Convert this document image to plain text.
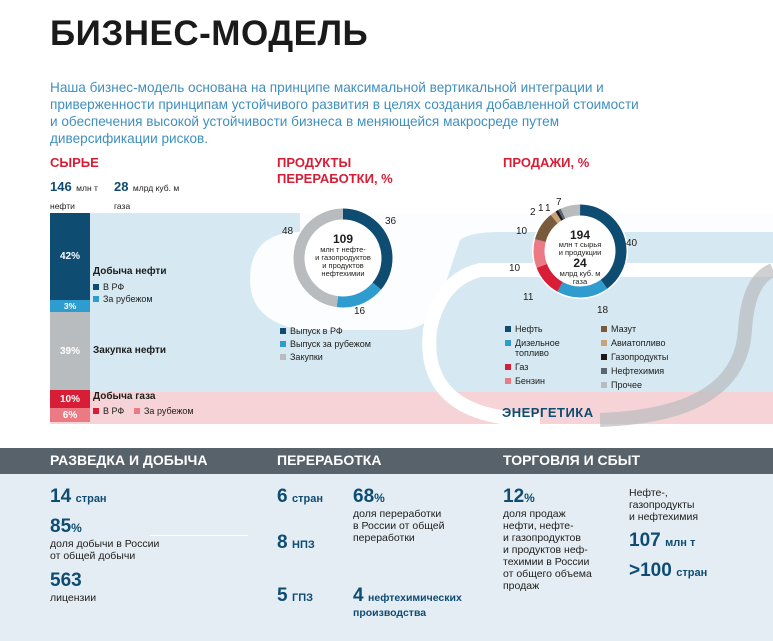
БИЗНЕС-МОДЕЛЬ
Наша бизнес-модель основана на принципе максимальной вертикальной интеграции и приверженности принципам устойчивого развития в целях создания добавленной стоимости и обеспечения высокой устойчивости бизнеса в меняющейся макросреде путем диверсификации рисков.
СЫРЬЕ
146 млн т
нефти
28 млрд куб. м
газа
42%
3%
39%
10%
6%
Добыча нефти
В РФ
За рубежом
Закупка нефти
Добыча газа
В РФ За рубежом
ПРОДУКТЫ
ПЕРЕРАБОТКИ, %
109
млн т нефте-
и газопродуктов
и продуктов
нефтехимии
48
36
16
Выпуск в РФ
Выпуск за рубежом
Закупки
ПРОДАЖИ, %
194
млн т сырья
и продукции
24
млрд куб. м
газа
40
18
11
10
10
2 1 1
7
Нефть
Дизельное топливо
Газ
Бензин
Мазут
Авиатопливо
Газопродукты
Нефтехимия
Прочее
ЭНЕРГЕТИКА
РАЗВЕДКА И ДОБЫЧА	ПЕРЕРАБОТКА	ТОРГОВЛЯ И СБЫТ
14 стран
85%
доля добычи в России
от общей добычи
563
лицензии
6 стран
8 НПЗ
5 ГПЗ
68%
доля переработки
в России от общей
переработки
4 нефтехимических
производства
12%
доля продаж
нефти, нефте-
и газопродуктов
и продуктов неф-
техимии в России
от общего объема
продаж
Нефте-,
газопродукты
и нефтехимия
107 млн т
>100 стран
